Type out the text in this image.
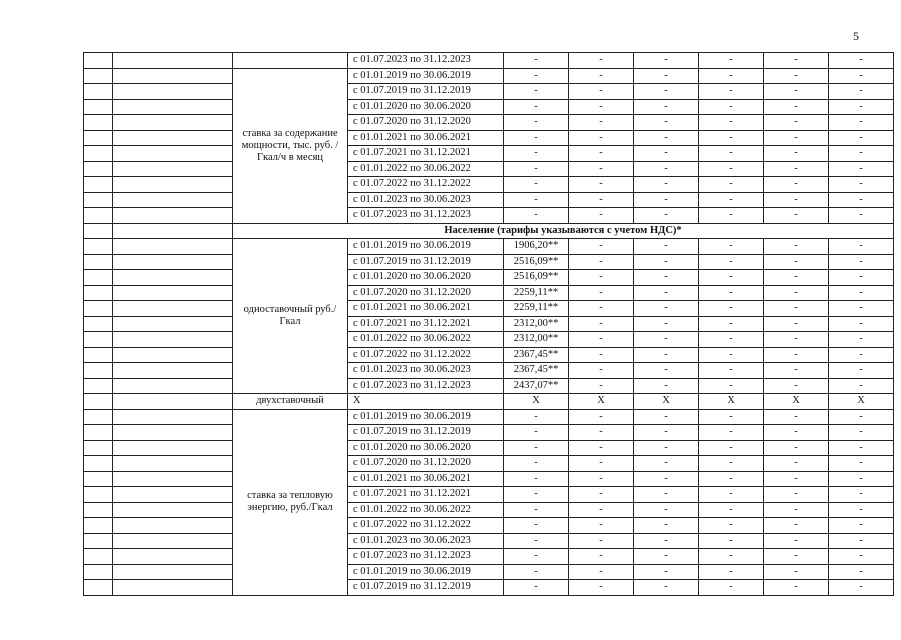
5
			с 01.07.2023 по 31.12.2023	-	-	-	-	-	-
		ставка за содержание мощности, тыс. руб. /Гкал/ч в месяц	с 01.01.2019 по 30.06.2019	-	-	-	-	-	-
			с 01.07.2019 по 31.12.2019	-	-	-	-	-	-
			с 01.01.2020 по 30.06.2020	-	-	-	-	-	-
			с 01.07.2020 по 31.12.2020	-	-	-	-	-	-
			с 01.01.2021 по 30.06.2021	-	-	-	-	-	-
			с 01.07.2021 по 31.12.2021	-	-	-	-	-	-
			с 01.01.2022 по 30.06.2022	-	-	-	-	-	-
			с 01.07.2022 по 31.12.2022	-	-	-	-	-	-
			с 01.01.2023 по 30.06.2023	-	-	-	-	-	-
			с 01.07.2023 по 31.12.2023	-	-	-	-	-	-
		Население (тарифы указываются с учетом НДС)*							
		одноставочный руб./Гкал	с 01.01.2019 по 30.06.2019	1906,20**	-	-	-	-	-
			с 01.07.2019 по 31.12.2019	2516,09**	-	-	-	-	-
			с 01.01.2020 по 30.06.2020	2516,09**	-	-	-	-	-
			с 01.07.2020 по 31.12.2020	2259,11**	-	-	-	-	-
			с 01.01.2021 по 30.06.2021	2259,11**	-	-	-	-	-
			с 01.07.2021 по 31.12.2021	2312,00**	-	-	-	-	-
			с 01.01.2022 по 30.06.2022	2312,00**	-	-	-	-	-
			с 01.07.2022 по 31.12.2022	2367,45**	-	-	-	-	-
			с 01.01.2023 по 30.06.2023	2367,45**	-	-	-	-	-
			с 01.07.2023 по 31.12.2023	2437,07**	-	-	-	-	-
		двухставочный	X	X	X	X	X	X	X
		ставка за тепловую энергию, руб./Гкал	с 01.01.2019 по 30.06.2019	-	-	-	-	-	-
			с 01.07.2019 по 31.12.2019	-	-	-	-	-	-
			с 01.01.2020 по 30.06.2020	-	-	-	-	-	-
			с 01.07.2020 по 31.12.2020	-	-	-	-	-	-
			с 01.01.2021 по 30.06.2021	-	-	-	-	-	-
			с 01.07.2021 по 31.12.2021	-	-	-	-	-	-
			с 01.01.2022 по 30.06.2022	-	-	-	-	-	-
			с 01.07.2022 по 31.12.2022	-	-	-	-	-	-
			с 01.01.2023 по 30.06.2023	-	-	-	-	-	-
			с 01.07.2023 по 31.12.2023	-	-	-	-	-	-
			с 01.01.2019 по 30.06.2019	-	-	-	-	-	-
			с 01.07.2019 по 31.12.2019	-	-	-	-	-	-
